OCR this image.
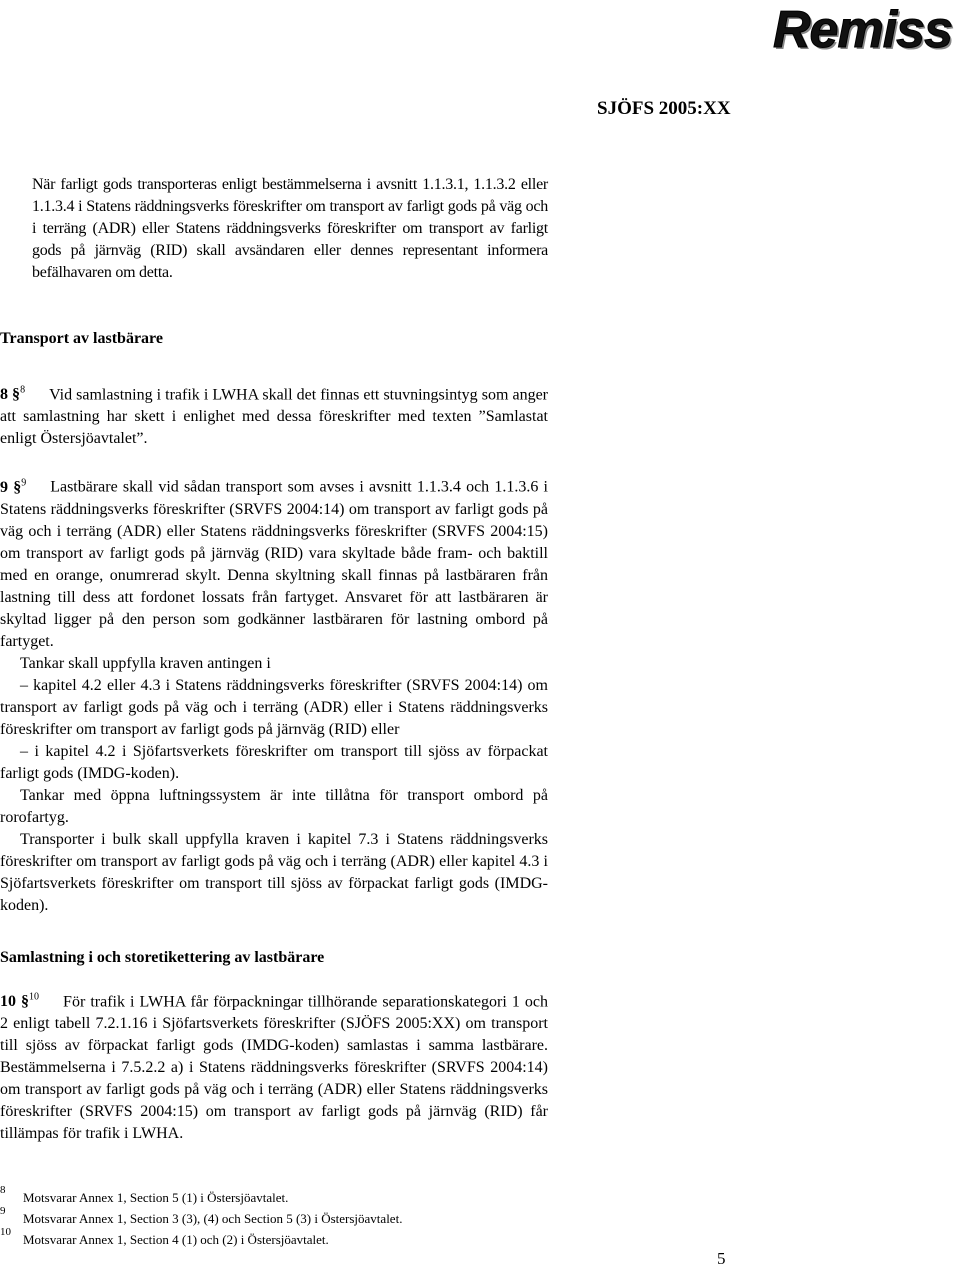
Remiss
SJÖFS 2005:XX

När farligt gods transporteras enligt bestämmelserna i avsnitt 1.1.3.1, 1.1.3.2 eller 1.1.3.4 i Statens räddningsverks föreskrifter om transport av farligt gods på väg och i terräng (ADR) eller Statens räddningsverks föreskrifter om transport av farligt gods på järnväg (RID) skall avsändaren eller dennes representant informera befälhavaren om detta.

Transport av lastbärare

8 §$^8$ Vid samlastning i trafik i LWHA skall det finnas ett stuvningsintyg som anger att samlastning har skett i enlighet med dessa föreskrifter med texten ”Samlastat enligt Östersjöavtalet”.

9 §$^9$ Lastbärare skall vid sådan transport som avses i avsnitt 1.1.3.4 och 1.1.3.6 i Statens räddningsverks föreskrifter (SRVFS 2004:14) om transport av farligt gods på väg och i terräng (ADR) eller Statens räddningsverks föreskrifter (SRVFS 2004:15) om transport av farligt gods på järnväg (RID) vara skyltade både fram- och baktill med en orange, onumrerad skylt. Denna skyltning skall finnas på lastbäraren från lastning till dess att fordonet lossats från fartyget. Ansvaret för att lastbäraren är skyltad ligger på den person som godkänner lastbäraren för lastning ombord på fartyget.

Tankar skall uppfylla kraven antingen i

– kapitel 4.2 eller 4.3 i Statens räddningsverks föreskrifter (SRVFS 2004:14) om transport av farligt gods på väg och i terräng (ADR) eller i Statens räddningsverks föreskrifter om transport av farligt gods på järnväg (RID) eller

– i kapitel 4.2 i Sjöfartsverkets föreskrifter om transport till sjöss av förpackat farligt gods (IMDG-koden).

Tankar med öppna luftningssystem är inte tillåtna för transport ombord på rorofartyg.

Transporter i bulk skall uppfylla kraven i kapitel 7.3 i Statens räddningsverks föreskrifter om transport av farligt gods på väg och i terräng (ADR) eller kapitel 4.3 i Sjöfartsverkets föreskrifter om transport till sjöss av förpackat farligt gods (IMDG-koden).

Samlastning i och storetikettering av lastbärare

10 §$^{10}$ För trafik i LWHA får förpackningar tillhörande separationskategori 1 och 2 enligt tabell 7.2.1.16 i Sjöfartsverkets föreskrifter (SJÖFS 2005:XX) om transport till sjöss av förpackat farligt gods (IMDG-koden) samlastas i samma lastbärare. Bestämmelserna i 7.5.2.2 a) i Statens räddningsverks föreskrifter (SRVFS 2004:14) om transport av farligt gods på väg och i terräng (ADR) eller Statens räddningsverks föreskrifter (SRVFS 2004:15) om transport av farligt gods på järnväg (RID) får tillämpas för trafik i LWHA.

8 Motsvarar Annex 1, Section 5 (1) i Östersjöavtalet.
9 Motsvarar Annex 1, Section 3 (3), (4) och Section 5 (3) i Östersjöavtalet.
10 Motsvarar Annex 1, Section 4 (1) och (2) i Östersjöavtalet.
5
